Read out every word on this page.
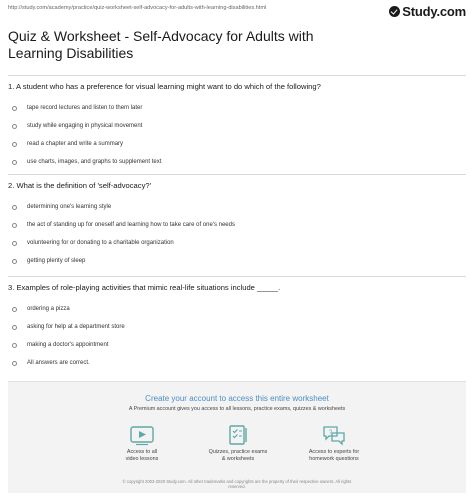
http://study.com/academy/practice/quiz-worksheet-self-advocacy-for-adults-with-learning-disabilities.html	Study.com
Quiz & Worksheet - Self-Advocacy for Adults with
Learning Disabilities
1. A student who has a preference for visual learning might want to do which of the following?
tape record lectures and listen to them later
study while engaging in physical movement
read a chapter and write a summary
use charts, images, and graphs to supplement text
2. What is the definition of 'self-advocacy?'
determining one's learning style
the act of standing up for oneself and learning how to take care of one's needs
volunteering for or donating to a charitable organization
getting plenty of sleep
3. Examples of role-playing activities that mimic real-life situations include _____.
ordering a pizza
asking for help at a department store
making a doctor's appointment
All answers are correct.
Create your account to access this entire worksheet
A Premium account gives you access to all lessons, practice exams, quizzes & worksheets
Access to all
video lessons
Quizzes, practice exams
& worksheets
?
Access to experts for
homework questions
© copyright 2003-2020 Study.com. All other trademarks and copyrights are the property of their respective owners. All rights
reserved.
